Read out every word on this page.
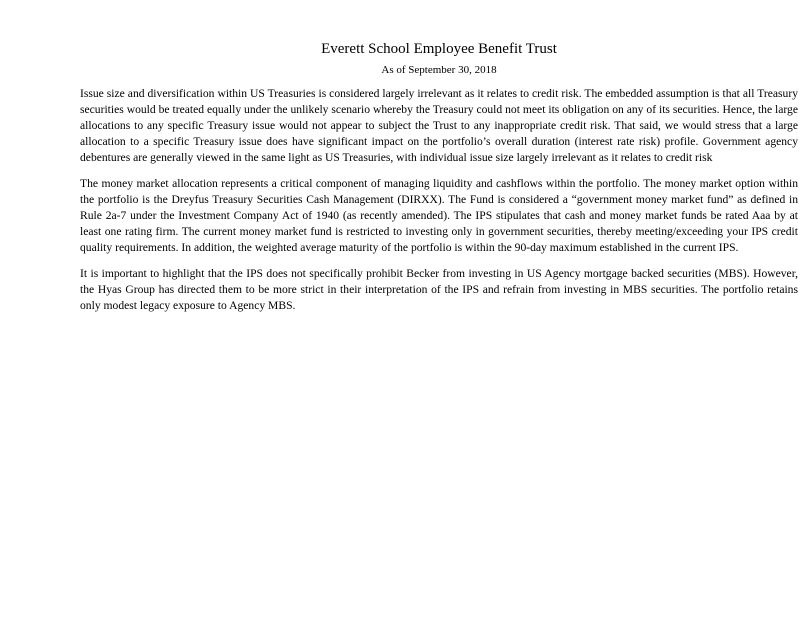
Everett School Employee Benefit Trust
As of September 30, 2018

Issue size and diversification within US Treasuries is considered largely irrelevant as it relates to credit risk. The embedded assumption is that all Treasury securities would be treated equally under the unlikely scenario whereby the Treasury could not meet its obligation on any of its securities. Hence, the large allocations to any specific Treasury issue would not appear to subject the Trust to any inappropriate credit risk. That said, we would stress that a large allocation to a specific Treasury issue does have significant impact on the portfolio’s overall duration (interest rate risk) profile. Government agency debentures are generally viewed in the same light as US Treasuries, with individual issue size largely irrelevant as it relates to credit risk

The money market allocation represents a critical component of managing liquidity and cashflows within the portfolio. The money market option within the portfolio is the Dreyfus Treasury Securities Cash Management (DIRXX). The Fund is considered a “government money market fund” as defined in Rule 2a-7 under the Investment Company Act of 1940 (as recently amended). The IPS stipulates that cash and money market funds be rated Aaa by at least one rating firm. The current money market fund is restricted to investing only in government securities, thereby meeting/exceeding your IPS credit quality requirements. In addition, the weighted average maturity of the portfolio is within the 90-day maximum established in the current IPS.

It is important to highlight that the IPS does not specifically prohibit Becker from investing in US Agency mortgage backed securities (MBS). However, the Hyas Group has directed them to be more strict in their interpretation of the IPS and refrain from investing in MBS securities. The portfolio retains only modest legacy exposure to Agency MBS.
